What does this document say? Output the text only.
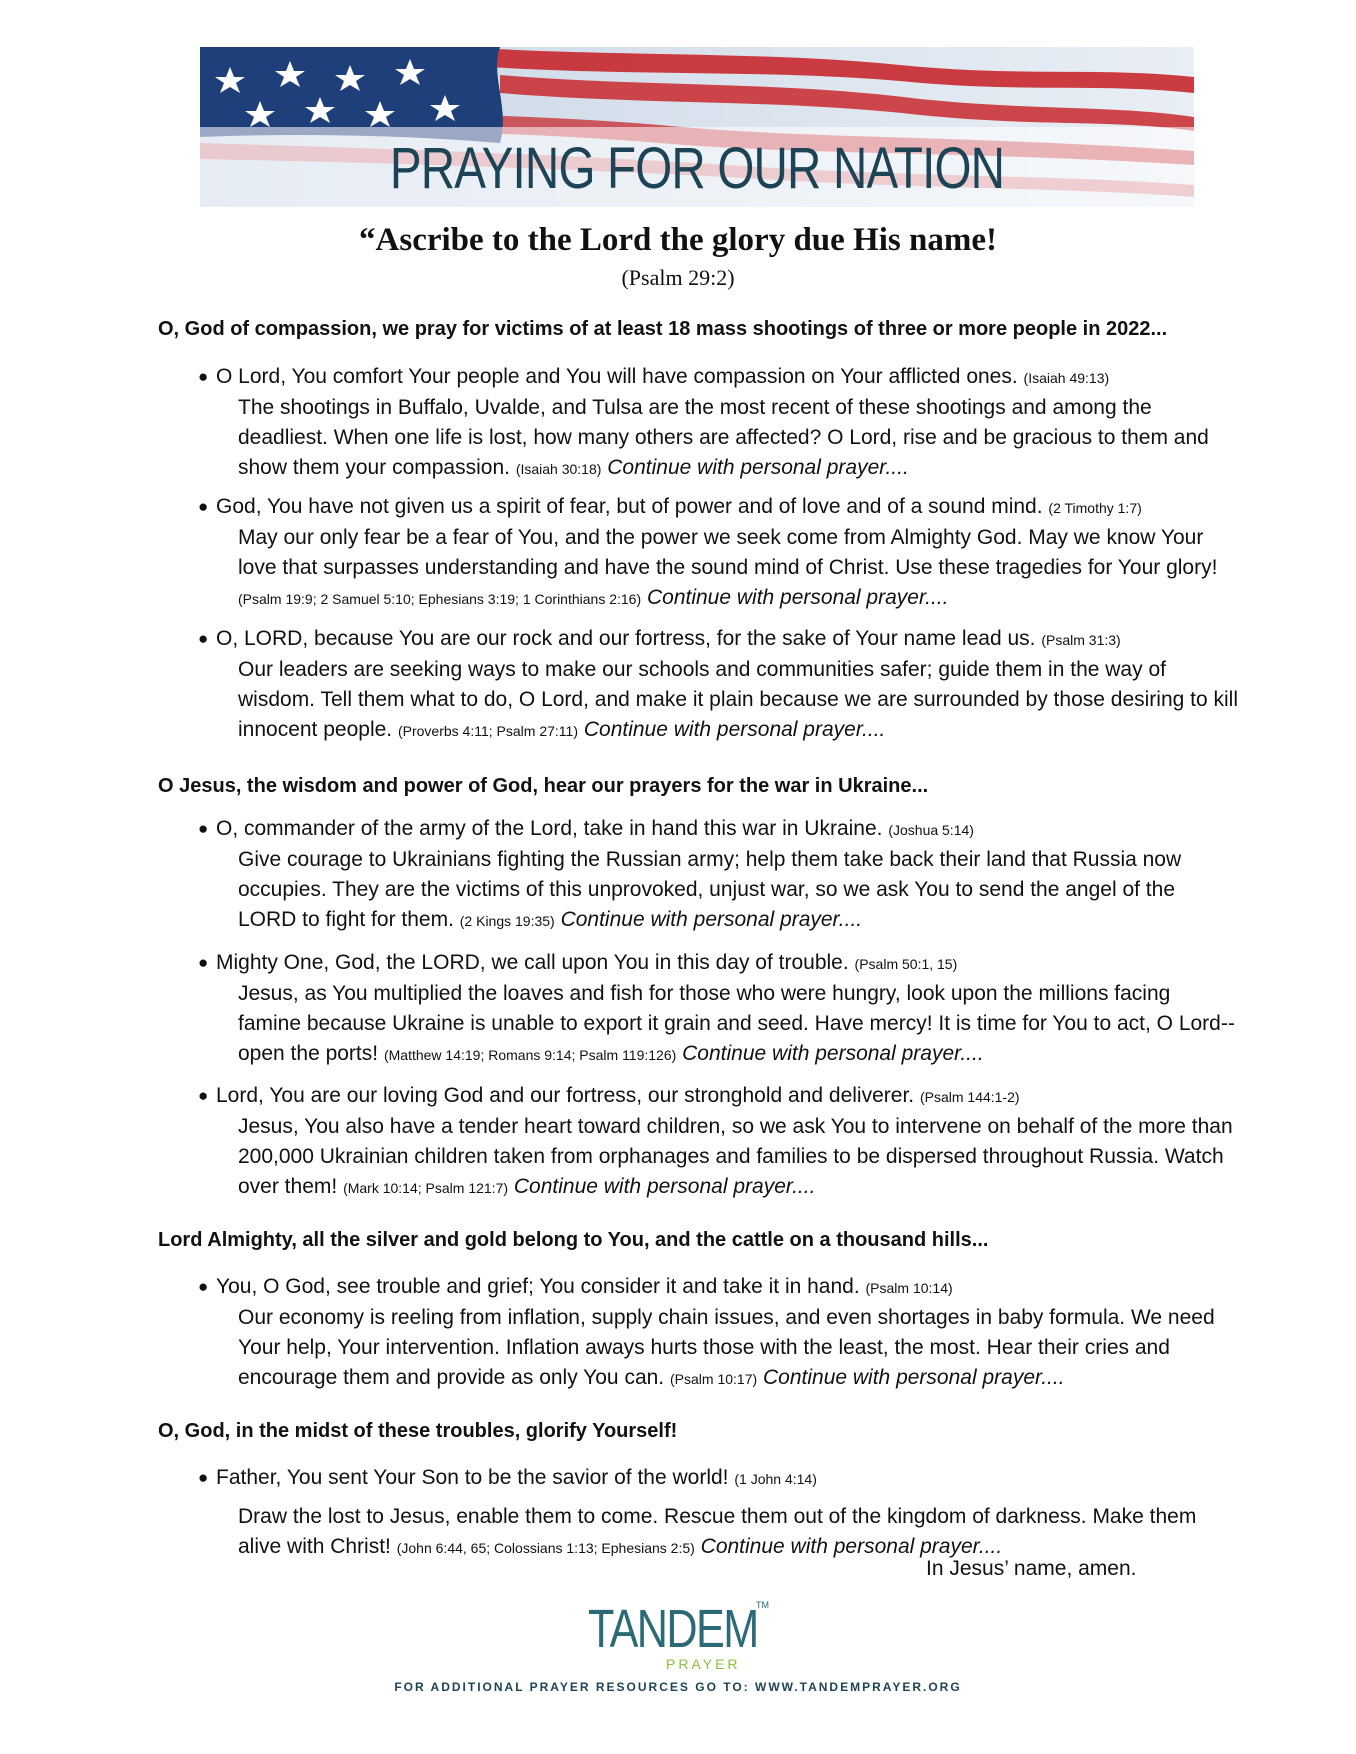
PRAYING FOR OUR NATION
“Ascribe to the Lord the glory due His name!
(Psalm 29:2)
O, God of compassion, we pray for victims of at least 18 mass shootings of three or more people in 2022...
● O Lord, You comfort Your people and You will have compassion on Your afflicted ones. (Isaiah 49:13)
The shootings in Buffalo, Uvalde, and Tulsa are the most recent of these shootings and among the deadliest. When one life is lost, how many others are affected? O Lord, rise and be gracious to them and show them your compassion. (Isaiah 30:18) Continue with personal prayer....
● God, You have not given us a spirit of fear, but of power and of love and of a sound mind. (2 Timothy 1:7)
May our only fear be a fear of You, and the power we seek come from Almighty God. May we know Your love that surpasses understanding and have the sound mind of Christ. Use these tragedies for Your glory! (Psalm 19:9; 2 Samuel 5:10; Ephesians 3:19; 1 Corinthians 2:16) Continue with personal prayer....
● O, LORD, because You are our rock and our fortress, for the sake of Your name lead us. (Psalm 31:3)
Our leaders are seeking ways to make our schools and communities safer; guide them in the way of wisdom. Tell them what to do, O Lord, and make it plain because we are surrounded by those desiring to kill innocent people. (Proverbs 4:11; Psalm 27:11) Continue with personal prayer....
O Jesus, the wisdom and power of God, hear our prayers for the war in Ukraine...
● O, commander of the army of the Lord, take in hand this war in Ukraine. (Joshua 5:14)
Give courage to Ukrainians fighting the Russian army; help them take back their land that Russia now occupies. They are the victims of this unprovoked, unjust war, so we ask You to send the angel of the LORD to fight for them. (2 Kings 19:35) Continue with personal prayer....
● Mighty One, God, the LORD, we call upon You in this day of trouble. (Psalm 50:1, 15)
Jesus, as You multiplied the loaves and fish for those who were hungry, look upon the millions facing famine because Ukraine is unable to export it grain and seed. Have mercy! It is time for You to act, O Lord--open the ports! (Matthew 14:19; Romans 9:14; Psalm 119:126) Continue with personal prayer....
● Lord, You are our loving God and our fortress, our stronghold and deliverer. (Psalm 144:1-2)
Jesus, You also have a tender heart toward children, so we ask You to intervene on behalf of the more than 200,000 Ukrainian children taken from orphanages and families to be dispersed throughout Russia. Watch over them! (Mark 10:14; Psalm 121:7) Continue with personal prayer....
Lord Almighty, all the silver and gold belong to You, and the cattle on a thousand hills...
● You, O God, see trouble and grief; You consider it and take it in hand. (Psalm 10:14)
Our economy is reeling from inflation, supply chain issues, and even shortages in baby formula. We need Your help, Your intervention. Inflation aways hurts those with the least, the most. Hear their cries and encourage them and provide as only You can. (Psalm 10:17) Continue with personal prayer....
O, God, in the midst of these troubles, glorify Yourself!
● Father, You sent Your Son to be the savior of the world! (1 John 4:14)
Draw the lost to Jesus, enable them to come. Rescue them out of the kingdom of darkness. Make them alive with Christ! (John 6:44, 65; Colossians 1:13; Ephesians 2:5) Continue with personal prayer....
In Jesus’ name, amen.
TANDEM
TM
PRAYER
FOR ADDITIONAL PRAYER RESOURCES GO TO: WWW.TANDEMPRAYER.ORG
